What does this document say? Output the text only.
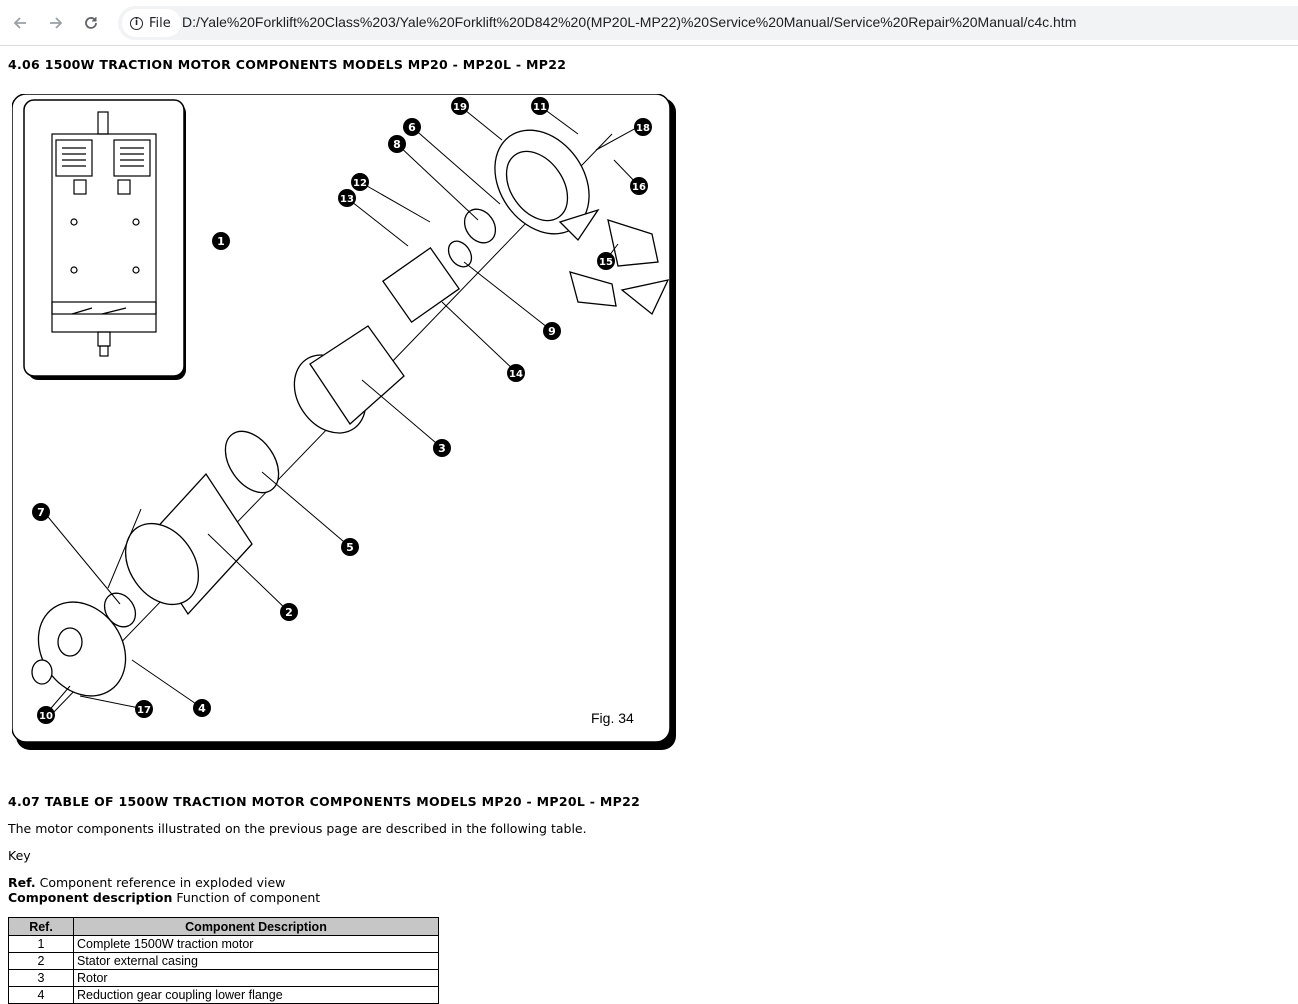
i File D:/Yale%20Forklift%20Class%203/Yale%20Forklift%20D842%20(MP20L-MP22)%20Service%20Manual/Service%20Repair%20Manual/c4c.htm
4.06 1500W TRACTION MOTOR COMPONENTS MODELS MP20 - MP20L - MP22
1
2
3
4
5
6
7
8
9
10
11
12
13
14
15
16
17
18
19
Fig. 34
4.07 TABLE OF 1500W TRACTION MOTOR COMPONENTS MODELS MP20 - MP20L - MP22
The motor components illustrated on the previous page are described in the following table.
Key
Ref. Component reference in exploded view
Component description Function of component
Ref.	Component Description
1	Complete 1500W traction motor
2	Stator external casing
3	Rotor
4	Reduction gear coupling lower flange
